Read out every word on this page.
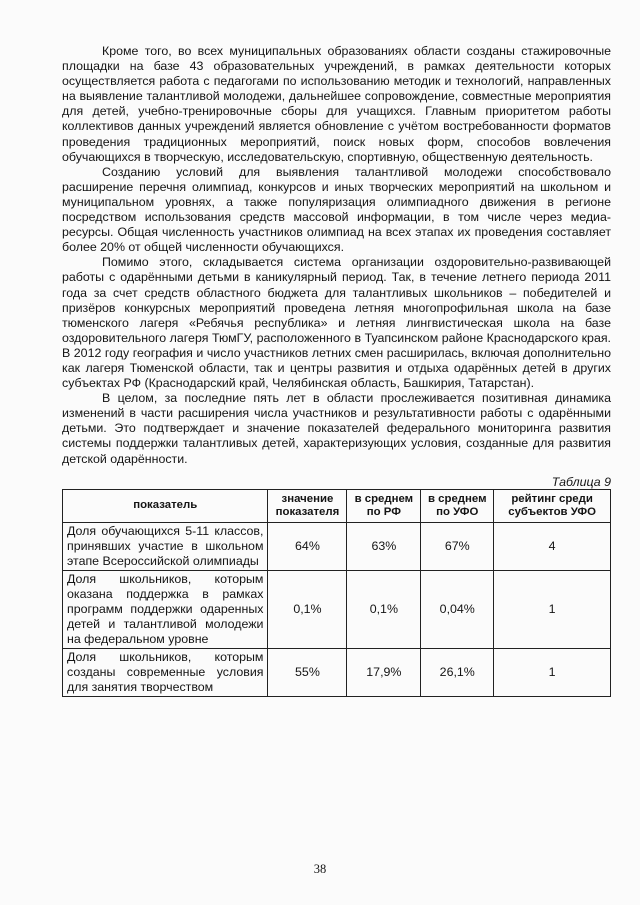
Кроме того, во всех муниципальных образованиях области созданы стажировочные площадки на базе 43 образовательных учреждений, в рамках деятельности которых осуществляется работа с педагогами по использованию методик и технологий, направленных на выявление талантливой молодежи, дальнейшее сопровождение, совместные мероприятия для детей, учебно-тренировочные сборы для учащихся. Главным приоритетом работы коллективов данных учреждений является обновление с учётом востребованности форматов проведения традиционных мероприятий, поиск новых форм, способов вовлечения обучающихся в творческую, исследовательскую, спортивную, общественную деятельность.

Созданию условий для выявления талантливой молодежи способствовало расширение перечня олимпиад, конкурсов и иных творческих мероприятий на школьном и муниципальном уровнях, а также популяризация олимпиадного движения в регионе посредством использования средств массовой информации, в том числе через медиа-ресурсы. Общая численность участников олимпиад на всех этапах их проведения составляет более 20% от общей численности обучающихся.

Помимо этого, складывается система организации оздоровительно-развивающей работы с одарёнными детьми в каникулярный период. Так, в течение летнего периода 2011 года за счет средств областного бюджета для талантливых школьников – победителей и призёров конкурсных мероприятий проведена летняя многопрофильная школа на базе тюменского лагеря «Ребячья республика» и летняя лингвистическая школа на базе оздоровительного лагеря ТюмГУ, расположенного в Туапсинском районе Краснодарского края. В 2012 году география и число участников летних смен расширилась, включая дополнительно как лагеря Тюменской области, так и центры развития и отдыха одарённых детей в других субъектах РФ (Краснодарский край, Челябинская область, Башкирия, Татарстан).

В целом, за последние пять лет в области прослеживается позитивная динамика изменений в части расширения числа участников и результативности работы с одарёнными детьми. Это подтверждает и значение показателей федерального мониторинга развития системы поддержки талантливых детей, характеризующих условия, созданные для развития детской одарённости.

Таблица 9
показатель	значение показателя	в среднем по РФ	в среднем по УФО	рейтинг среди субъектов УФО
Доля обучающихся 5-11 классов, принявших участие в школьном этапе Всероссийской олимпиады	64%	63%	67%	4
Доля школьников, которым оказана поддержка в рамках программ поддержки одаренных детей и талантливой молодежи на федеральном уровне	0,1%	0,1%	0,04%	1
Доля школьников, которым созданы современные условия для занятия творчеством	55%	17,9%	26,1%	1
38
